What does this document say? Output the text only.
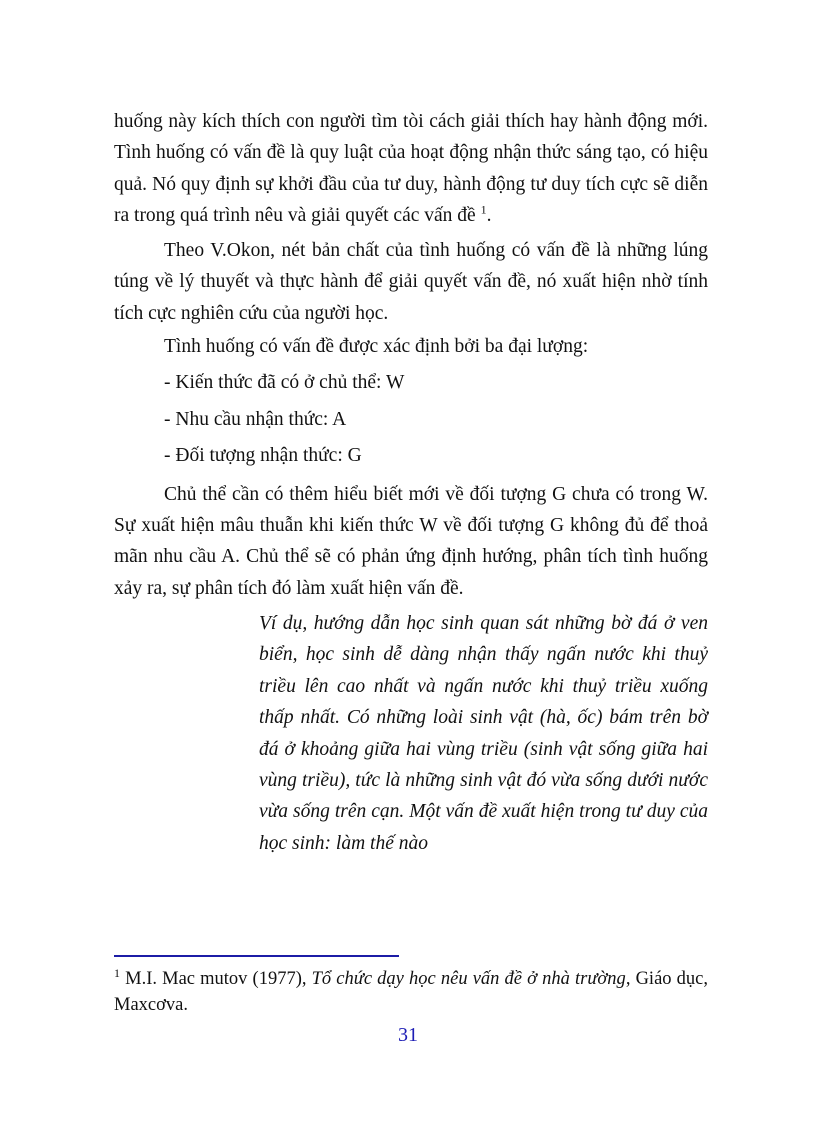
huống này kích thích con người tìm tòi cách giải thích hay hành động mới. Tình huống có vấn đề là quy luật của hoạt động nhận thức sáng tạo, có hiệu quả. Nó quy định sự khởi đầu của tư duy, hành động tư duy tích cực sẽ diễn ra trong quá trình nêu và giải quyết các vấn đề $^1$.

Theo V.Okon, nét bản chất của tình huống có vấn đề là những lúng túng về lý thuyết và thực hành để giải quyết vấn đề, nó xuất hiện nhờ tính tích cực nghiên cứu của người học.

Tình huống có vấn đề được xác định bởi ba đại lượng:
- Kiến thức đã có ở chủ thể: W
- Nhu cầu nhận thức: A
- Đối tượng nhận thức: G

Chủ thể cần có thêm hiểu biết mới về đối tượng G chưa có trong W. Sự xuất hiện mâu thuẫn khi kiến thức W về đối tượng G không đủ để thoả mãn nhu cầu A. Chủ thể sẽ có phản ứng định hướng, phân tích tình huống xảy ra, sự phân tích đó làm xuất hiện vấn đề.

Ví dụ, hướng dẫn học sinh quan sát những bờ đá ở ven biển, học sinh dễ dàng nhận thấy ngấn nước khi thuỷ triều lên cao nhất và ngấn nước khi thuỷ triều xuống thấp nhất. Có những loài sinh vật (hà, ốc) bám trên bờ đá ở khoảng giữa hai vùng triều (sinh vật sống giữa hai vùng triều), tức là những sinh vật đó vừa sống dưới nước vừa sống trên cạn. Một vấn đề xuất hiện trong tư duy của học sinh: làm thế nào

$^1$ M.I. Mac mutov (1977), Tổ chức dạy học nêu vấn đề ở nhà trường, Giáo dục, Maxcơva.
31
